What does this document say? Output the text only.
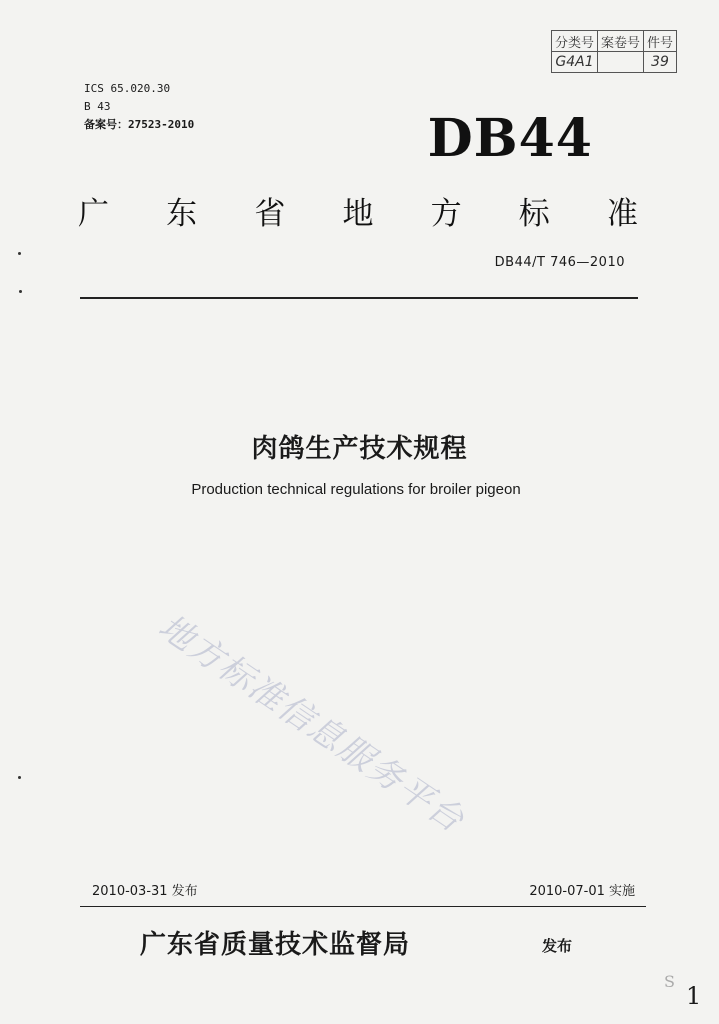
分类号	案卷号	件号
G4A1		39
ICS 65.020.30
B 43
备案号：27523-2010	DB44
广 东 省 地 方 标 准
DB44/T 746—2010
肉鸽生产技术规程
Production technical regulations for broiler pigeon
地方标准信息服务平台
2010-03-31 发布	2010-07-01 实施
广东省质量技术监督局	发布
S
1
